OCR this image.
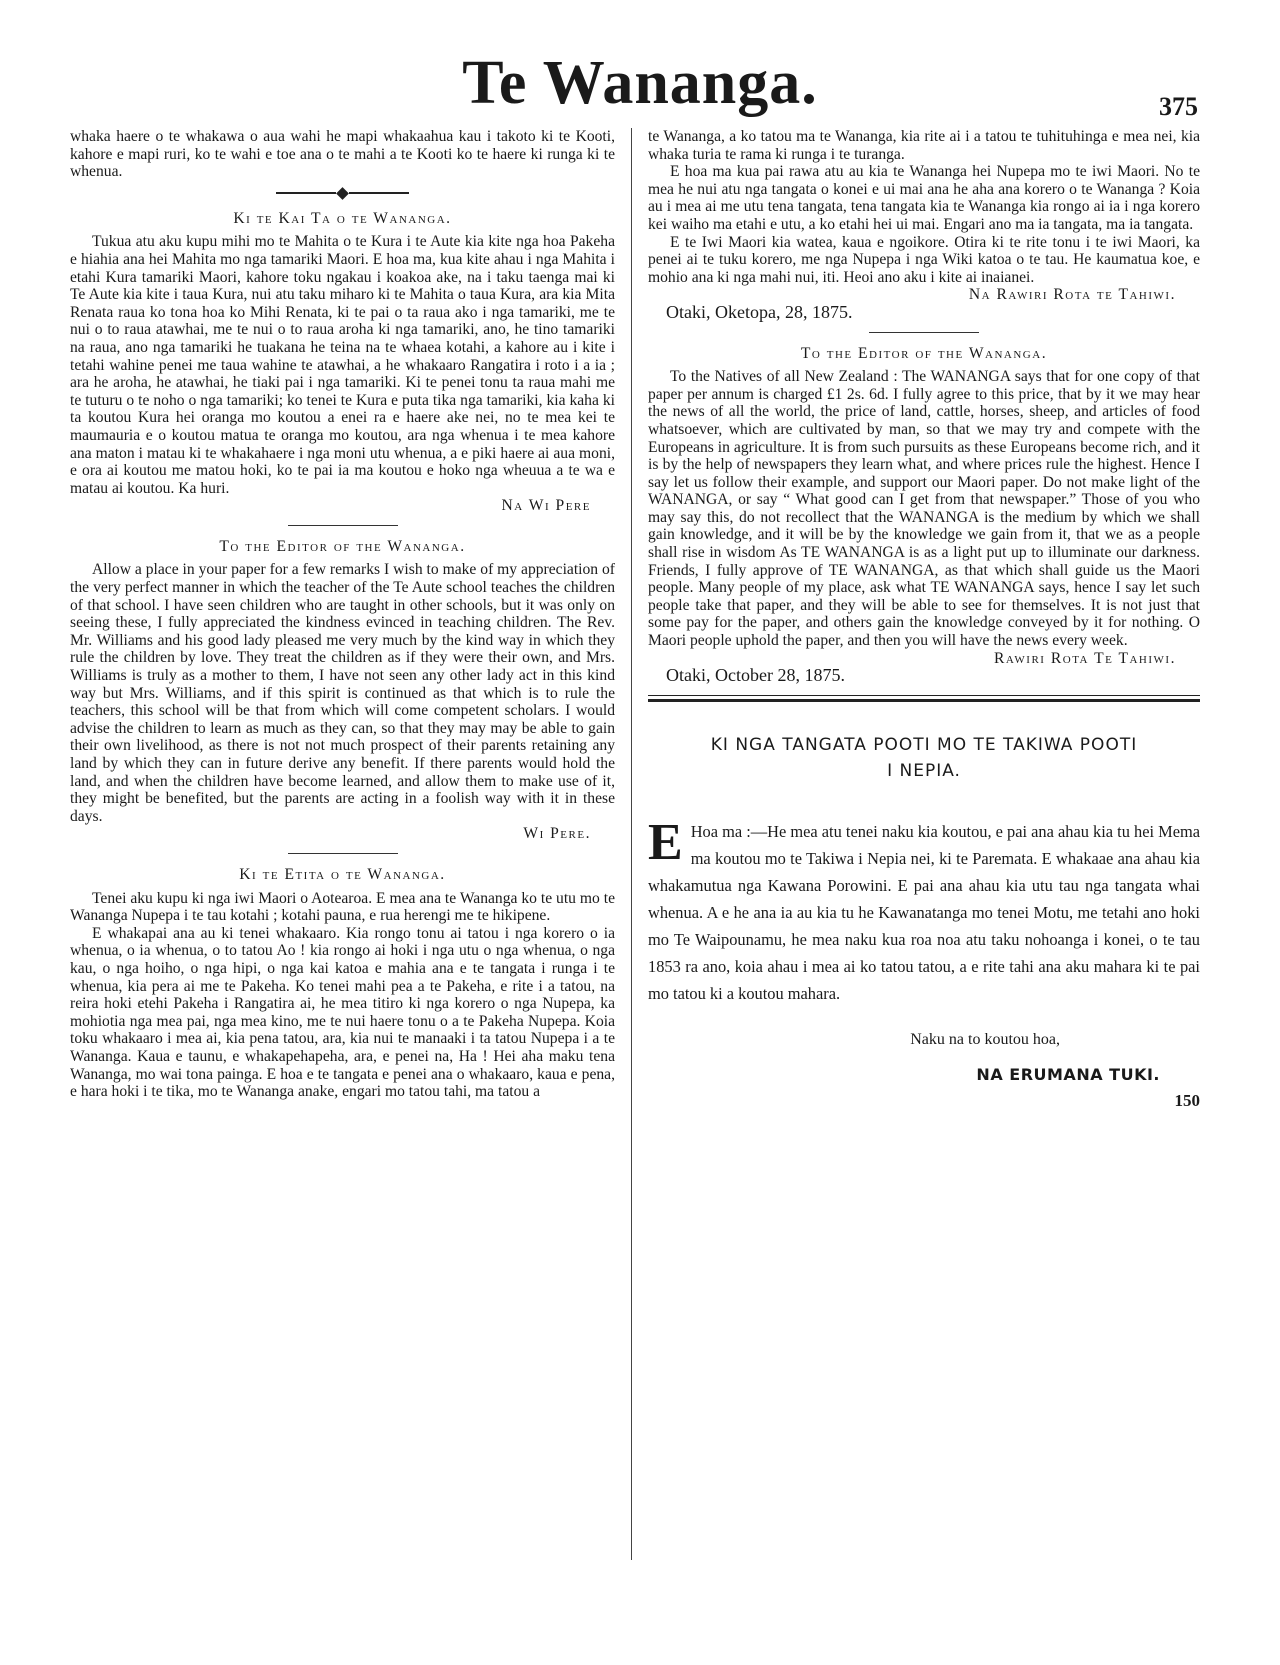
Te Wananga.	375

whaka haere o te whakawa o aua wahi he mapi whakaahua kau i takoto ki te Kooti, kahore e mapi ruri, ko te wahi e toe ana o te mahi a te Kooti ko te haere ki runga ki te whenua.

Ki te Kai Ta o te Wananga.

Tukua atu aku kupu mihi mo te Mahita o te Kura i te Aute kia kite nga hoa Pakeha e hiahia ana hei Mahita mo nga tamariki Maori. E hoa ma, kua kite ahau i nga Mahita i etahi Kura tamariki Maori, kahore toku ngakau i koakoa ake, na i taku taenga mai ki Te Aute kia kite i taua Kura, nui atu taku miharo ki te Mahita o taua Kura, ara kia Mita Renata raua ko tona hoa ko Mihi Renata, ki te pai o ta raua ako i nga tamariki, me te nui o to raua atawhai, me te nui o to raua aroha ki nga tamariki, ano, he tino tamariki na raua, ano nga tamariki he tuakana he teina na te whaea kotahi, a kahore au i kite i tetahi wahine penei me taua wahine te atawhai, a he whakaaro Rangatira i roto i a ia ; ara he aroha, he atawhai, he tiaki pai i nga tamariki. Ki te penei tonu ta raua mahi me te tuturu o te noho o nga tamariki; ko tenei te Kura e puta tika nga tamariki, kia kaha ki ta koutou Kura hei oranga mo koutou a enei ra e haere ake nei, no te mea kei te maumauria e o koutou matua te oranga mo koutou, ara nga whenua i te mea kahore ana maton i matau ki te whakahaere i nga moni utu whenua, a e piki haere ai aua moni, e ora ai koutou me matou hoki, ko te pai ia ma koutou e hoko nga wheuua a te wa e matau ai koutou. Ka huri.

Na Wi Pere
To the Editor of the Wananga.

Allow a place in your paper for a few remarks I wish to make of my appreciation of the very perfect manner in which the teacher of the Te Aute school teaches the children of that school. I have seen children who are taught in other schools, but it was only on seeing these, I fully appreciated the kindness evinced in teaching children. The Rev. Mr. Williams and his good lady pleased me very much by the kind way in which they rule the children by love. They treat the children as if they were their own, and Mrs. Williams is truly as a mother to them, I have not seen any other lady act in this kind way but Mrs. Williams, and if this spirit is continued as that which is to rule the teachers, this school will be that from which will come competent scholars. I would advise the children to learn as much as they can, so that they may may be able to gain their own livelihood, as there is not not much prospect of their parents retaining any land by which they can in future derive any benefit. If there parents would hold the land, and when the children have become learned, and allow them to make use of it, they might be benefited, but the parents are acting in a foolish way with it in these days.

Wi Pere.
Ki te Etita o te Wananga.

Tenei aku kupu ki nga iwi Maori o Aotearoa. E mea ana te Wananga ko te utu mo te Wananga Nupepa i te tau kotahi ; kotahi pauna, e rua herengi me te hikipene.

E whakapai ana au ki tenei whakaaro. Kia rongo tonu ai tatou i nga korero o ia whenua, o ia whenua, o to tatou Ao ! kia rongo ai hoki i nga utu o nga whenua, o nga kau, o nga hoiho, o nga hipi, o nga kai katoa e mahia ana e te tangata i runga i te whenua, kia pera ai me te Pakeha. Ko tenei mahi pea a te Pakeha, e rite i a tatou, na reira hoki etehi Pakeha i Rangatira ai, he mea titiro ki nga korero o nga Nupepa, ka mohiotia nga mea pai, nga mea kino, me te nui haere tonu o a te Pakeha Nupepa. Koia toku whakaaro i mea ai, kia pena tatou, ara, kia nui te manaaki i ta tatou Nupepa i a te Wananga. Kaua e taunu, e whakapehapeha, ara, e penei na, Ha ! Hei aha maku tena Wananga, mo wai tona painga. E hoa e te tangata e penei ana o whakaaro, kaua e pena, e hara hoki i te tika, mo te Wananga anake, engari mo tatou tahi, ma tatou a

te Wananga, a ko tatou ma te Wananga, kia rite ai i a tatou te tuhituhinga e mea nei, kia whaka turia te rama ki runga i te turanga.

E hoa ma kua pai rawa atu au kia te Wananga hei Nupepa mo te iwi Maori. No te mea he nui atu nga tangata o konei e ui mai ana he aha ana korero o te Wananga ? Koia au i mea ai me utu tena tangata, tena tangata kia te Wananga kia rongo ai ia i nga korero kei waiho ma etahi e utu, a ko etahi hei ui mai. Engari ano ma ia tangata, ma ia tangata.

E te Iwi Maori kia watea, kaua e ngoikore. Otira ki te rite tonu i te iwi Maori, ka penei ai te tuku korero, me nga Nupepa i nga Wiki katoa o te tau. He kaumatua koe, e mohio ana ki nga mahi nui, iti. Heoi ano aku i kite ai inaianei.

Na Rawiri Rota te Tahiwi.
Otaki, Oketopa, 28, 1875.
To the Editor of the Wananga.

To the Natives of all New Zealand : The WANANGA says that for one copy of that paper per annum is charged £1 2s. 6d. I fully agree to this price, that by it we may hear the news of all the world, the price of land, cattle, horses, sheep, and articles of food whatsoever, which are cultivated by man, so that we may try and compete with the Europeans in agriculture. It is from such pursuits as these Europeans become rich, and it is by the help of newspapers they learn what, and where prices rule the highest. Hence I say let us follow their example, and support our Maori paper. Do not make light of the WANANGA, or say “ What good can I get from that newspaper.” Those of you who may say this, do not recollect that the WANANGA is the medium by which we shall gain knowledge, and it will be by the knowledge we gain from it, that we as a people shall rise in wisdom As TE WANANGA is as a light put up to illuminate our darkness. Friends, I fully approve of TE WANANGA, as that which shall guide us the Maori people. Many people of my place, ask what TE WANANGA says, hence I say let such people take that paper, and they will be able to see for themselves. It is not just that some pay for the paper, and others gain the knowledge conveyed by it for nothing. O Maori people uphold the paper, and then you will have the news every week.

Rawiri Rota Te Tahiwi.
Otaki, October 28, 1875.
KI NGA TANGATA POOTI MO TE TAKIWA POOTI
I NEPIA.

E Hoa ma :—He mea atu tenei naku kia koutou, e pai ana ahau kia tu hei Mema ma koutou mo te Takiwa i Nepia nei, ki te Paremata. E whakaae ana ahau kia whakamutua nga Kawana Porowini. E pai ana ahau kia utu tau nga tangata whai whenua. A e he ana ia au kia tu he Kawanatanga mo tenei Motu, me tetahi ano hoki mo Te Waipounamu, he mea naku kua roa noa atu taku nohoanga i konei, o te tau 1853 ra ano, koia ahau i mea ai ko tatou tatou, a e rite tahi ana aku mahara ki te pai mo tatou ki a koutou mahara.

Naku na to koutou hoa,
NA ERUMANA TUKI.
150
